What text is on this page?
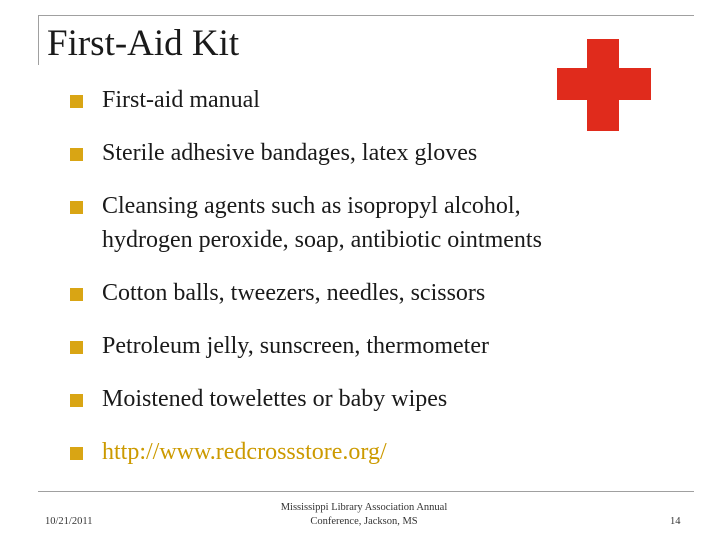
First-Aid Kit
First-aid manual
Sterile adhesive bandages, latex gloves
Cleansing agents such as isopropyl alcohol,
hydrogen peroxide, soap, antibiotic ointments
Cotton balls, tweezers, needles, scissors
Petroleum jelly, sunscreen, thermometer
Moistened towelettes or baby wipes
http://www.redcrossstore.org/
10/21/2011
Mississippi Library Association Annual
Conference, Jackson, MS	14
